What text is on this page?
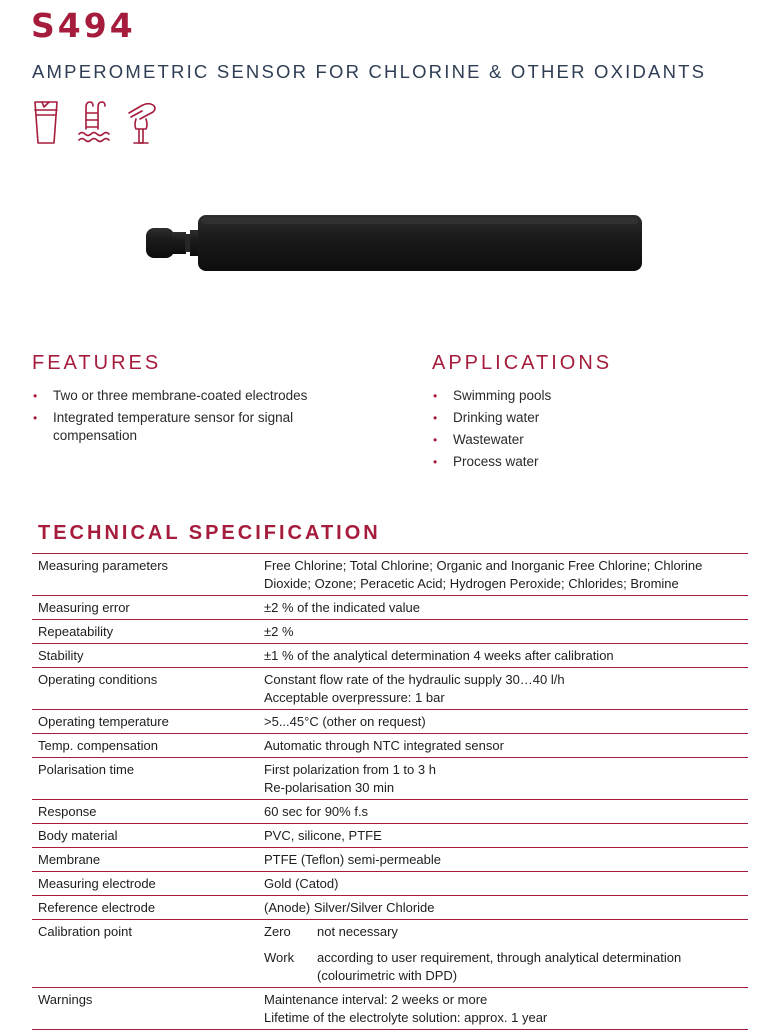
S494
AMPEROMETRIC SENSOR FOR CHLORINE & OTHER OXIDANTS
FEATURES
• Two or three membrane-coated electrodes
• Integrated temperature sensor for signal compensation
APPLICATIONS
• Swimming pools
• Drinking water
• Wastewater
• Process water
TECHNICAL SPECIFICATION
Measuring parameters	Free Chlorine; Total Chlorine; Organic and Inorganic Free Chlorine; Chlorine Dioxide; Ozone; Peracetic Acid; Hydrogen Peroxide; Chlorides; Bromine

Measuring error	±2 % of the indicated value

Repeatability	±2 %

Stability	±1 % of the analytical determination 4 weeks after calibration

Operating conditions	Constant flow rate of the hydraulic supply 30…40 l/h
Acceptable overpressure: 1 bar

Operating temperature	>5...45°C (other on request)

Temp. compensation	Automatic through NTC integrated sensor

Polarisation time	First polarization from 1 to 3 h
Re-polarisation 30 min

Response	60 sec for 90% f.s

Body material	PVC, silicone, PTFE

Membrane	PTFE (Teflon) semi-permeable

Measuring electrode	Gold (Catod)

Reference electrode	(Anode) Silver/Silver Chloride

Calibration point	Zero not necessary
Work according to user requirement, through analytical determination (colourimetric with DPD)

Warnings	Maintenance interval: 2 weeks or more
Lifetime of the electrolyte solution: approx. 1 year
